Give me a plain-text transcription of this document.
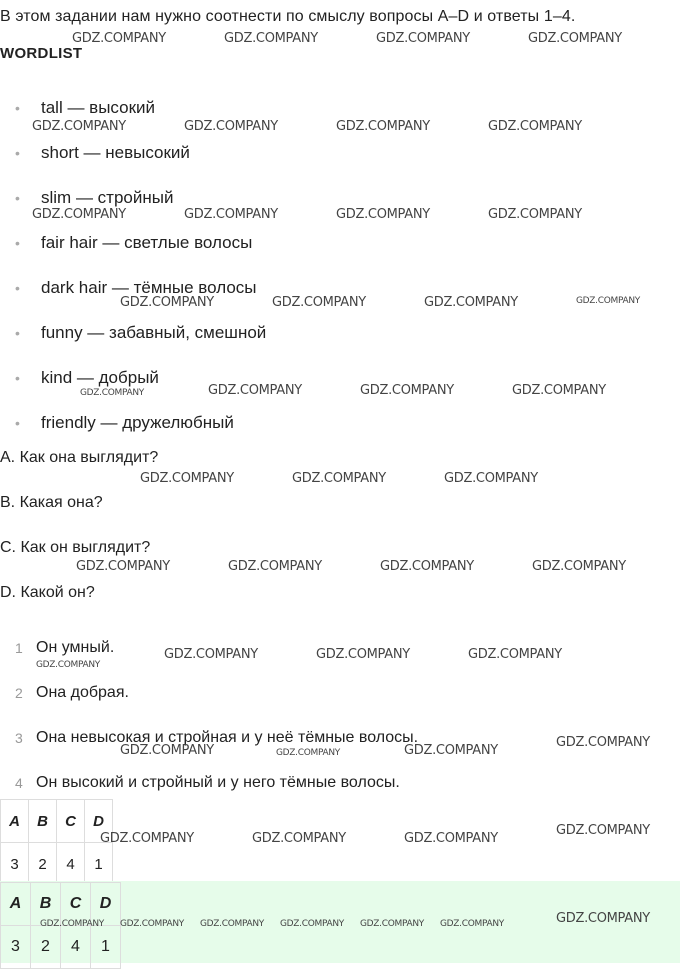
В этом задании нам нужно соотнести по смыслу вопросы А–D и ответы 1–4.
WORDLIST
• tall — высокий
• short — невысокий
• slim — стройный
• fair hair — светлые волосы
• dark hair — тёмные волосы
• funny — забавный, смешной
• kind — добрый
• friendly — дружелюбный
A. Как она выглядит?
B. Какая она?
C. Как он выглядит?
D. Какой он?
1 Он умный.
2 Она добрая.
3 Она невысокая и стройная и у неё тёмные волосы.
4 Он высокий и стройный и у него тёмные волосы.
A	B	C	D
3	2	4	1
A	B	C	D
3	2	4	1
GDZ.COMPANY	GDZ.COMPANY	GDZ.COMPANY	GDZ.COMPANY
GDZ.COMPANY	GDZ.COMPANY	GDZ.COMPANY	GDZ.COMPANY
GDZ.COMPANY	GDZ.COMPANY	GDZ.COMPANY	GDZ.COMPANY
GDZ.COMPANY	GDZ.COMPANY	GDZ.COMPANY	GDZ.COMPANY
GDZ.COMPANY	GDZ.COMPANY	GDZ.COMPANY	GDZ.COMPANY
GDZ.COMPANY	GDZ.COMPANY	GDZ.COMPANY
GDZ.COMPANY	GDZ.COMPANY	GDZ.COMPANY	GDZ.COMPANY
GDZ.COMPANY
GDZ.COMPANY	GDZ.COMPANY	GDZ.COMPANY
GDZ.COMPANY	GDZ.COMPANY	GDZ.COMPANY
GDZ.COMPANY
GDZ.COMPANY	GDZ.COMPANY	GDZ.COMPANY
GDZ.COMPANY
GDZ.COMPANY GDZ.COMPANY GDZ.COMPANY GDZ.COMPANY GDZ.COMPANY GDZ.COMPANY	GDZ.COMPANY
